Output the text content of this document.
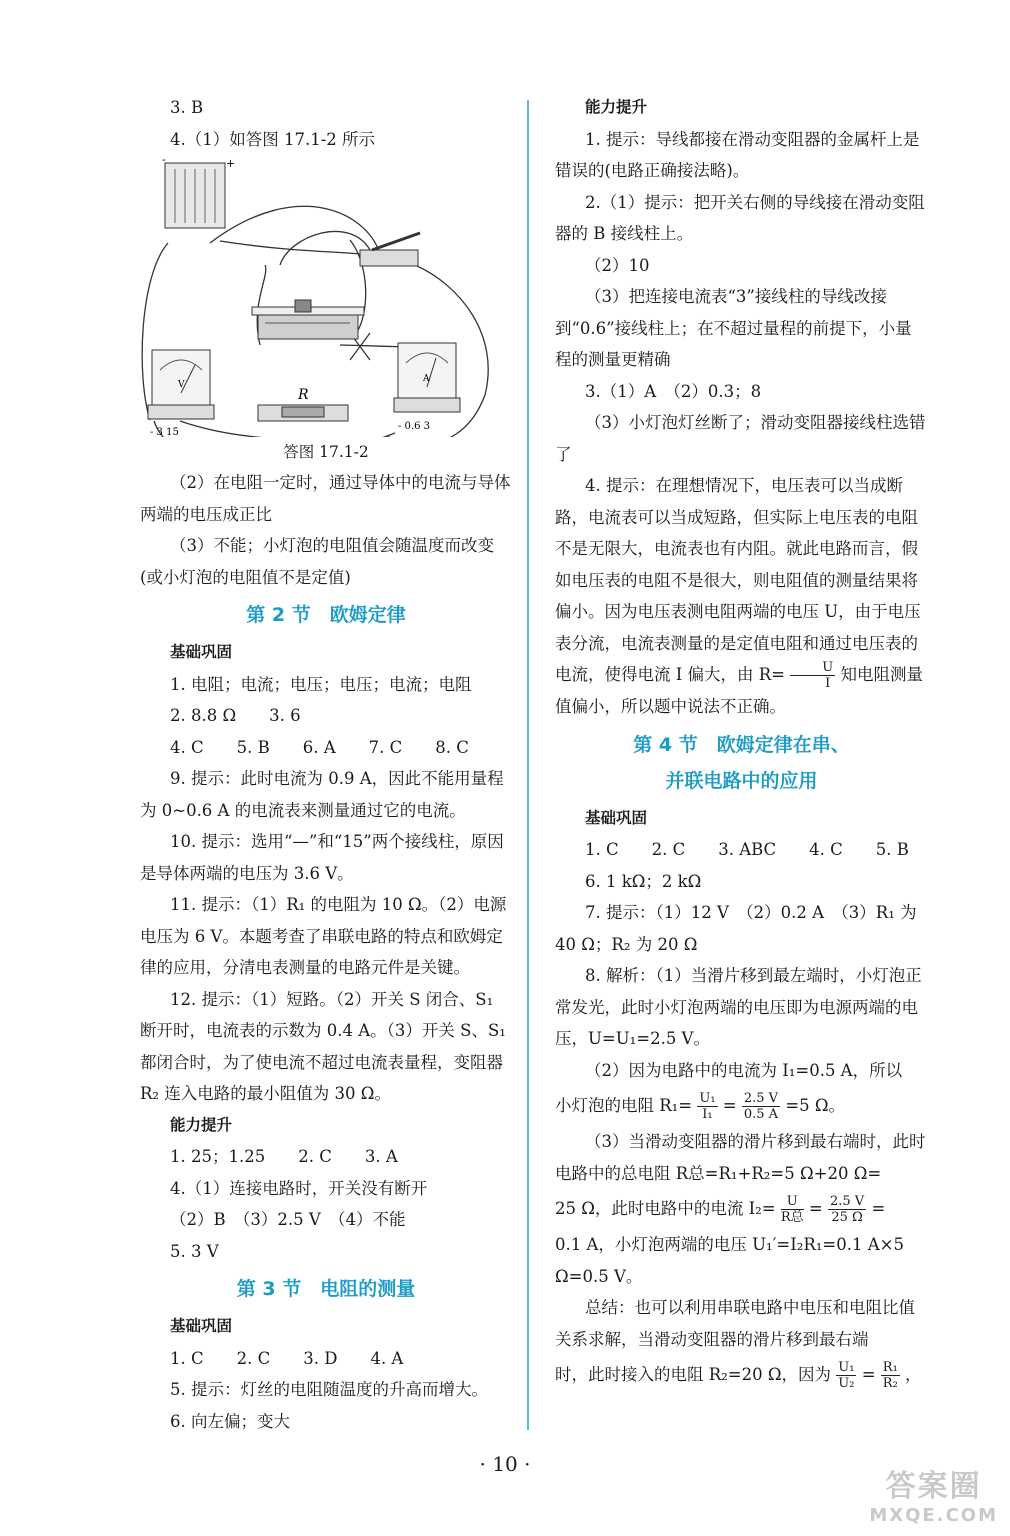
3. B

4.（1）如答图 17.1-2 所示

-	+
R
V
- 3 15
A
- 0.6 3
答图 17.1-2

（2）在电阻一定时，通过导体中的电流与导体两端的电压成正比

（3）不能；小灯泡的电阻值会随温度而改变(或小灯泡的电阻值不是定值)

第 2 节　欧姆定律
基础巩固

1. 电阻；电流；电压；电压；电流；电阻

2. 8.8 Ω　　3. 6

4. C　　5. B　　6. A　　7. C　　8. C

9. 提示：此时电流为 0.9 A，因此不能用量程为 0~0.6 A 的电流表来测量通过它的电流。

10. 提示：选用“—”和“15”两个接线柱，原因是导体两端的电压为 3.6 V。

11. 提示：（1）R₁ 的电阻为 10 Ω。（2）电源电压为 6 V。本题考查了串联电路的特点和欧姆定律的应用，分清电表测量的电路元件是关键。

12. 提示：（1）短路。（2）开关 S 闭合、S₁ 断开时，电流表的示数为 0.4 A。（3）开关 S、S₁ 都闭合时，为了使电流不超过电流表量程，变阻器 R₂ 连入电路的最小阻值为 30 Ω。

能力提升

1. 25；1.25　　2. C　　3. A

4.（1）连接电路时，开关没有断开

（2）B　（3）2.5 V　（4）不能

5. 3 V

第 3 节　电阻的测量
基础巩固

1. C　　2. C　　3. D　　4. A

5. 提示：灯丝的电阻随温度的升高而增大。

6. 向左偏；变大

能力提升

1. 提示：导线都接在滑动变阻器的金属杆上是错误的(电路正确接法略)。

2.（1）提示：把开关右侧的导线接在滑动变阻器的 B 接线柱上。

（2）10

（3）把连接电流表“3”接线柱的导线改接到“0.6”接线柱上；在不超过量程的前提下，小量程的测量更精确

3.（1）A　（2）0.3；8

（3）小灯泡灯丝断了；滑动变阻器接线柱选错了

4. 提示：在理想情况下，电压表可以当成断路，电流表可以当成短路，但实际上电压表的电阻不是无限大，电流表也有内阻。就此电路而言，假如电压表的电阻不是很大，则电阻值的测量结果将偏小。因为电压表测电阻两端的电压 U，由于电压表分流，电流表测量的是定值电阻和通过电压表的电流，使得电流 I 偏大，由 $R= \frac{U}{I}$ 知电阻测量值偏小，所以题中说法不正确。

第 4 节　欧姆定律在串、
并联电路中的应用
基础巩固

1. C　　2. C　　3. ABC　　4. C　　5. B

6. 1 kΩ；2 kΩ

7. 提示：（1）12 V　（2）0.2 A　（3）R₁ 为 40 Ω；R₂ 为 20 Ω

8. 解析：（1）当滑片移到最左端时，小灯泡正常发光，此时小灯泡两端的电压即为电源两端的电压，U=U₁=2.5 V。

（2）因为电路中的电流为 I₁=0.5 A，所以

小灯泡的电阻 $R_1= \frac{\text{U₁}}{\text{I₁}} = \frac{2.5 V}{0.5 A} =5$ Ω。

（3）当滑动变阻器的滑片移到最右端时，此时电路中的总电阻 R总=R₁+R₂=5 Ω+20 Ω=

25 Ω，此时电路中的电流 $I_2= \frac{U}{\text{R总}} = \frac{2.5 V}{25 \Omega}$ =

0.1 A，小灯泡两端的电压 U₁′=I₂R₁=0.1 A×5 Ω=0.5 V。

总结：也可以利用串联电路中电压和电阻比值关系求解，当滑动变阻器的滑片移到最右端

时，此时接入的电阻 R₂=20 Ω，因为 $\frac{\text{U₁}}{\text{U₂}} = \frac{\text{R₁}}{\text{R₂}}$ ，

· 10 ·
答案圈
MXQE.COM
